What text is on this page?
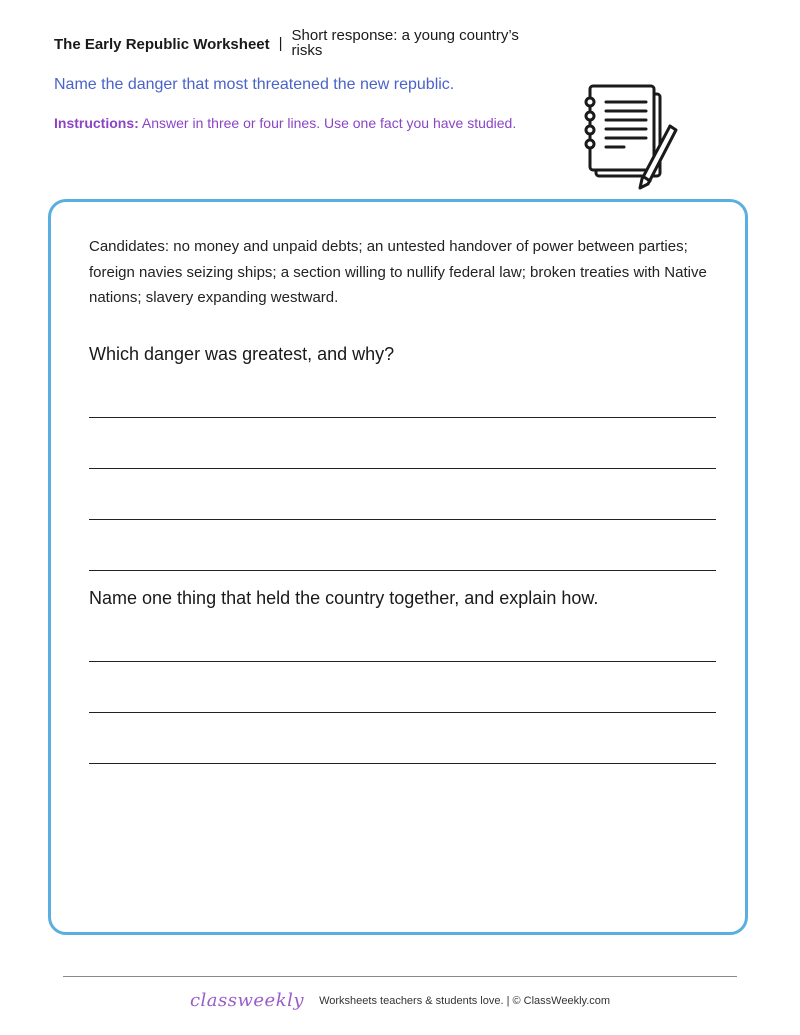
The Early Republic Worksheet | Short response: a young country’s risks
Name the danger that most threatened the new republic.
Instructions: Answer in three or four lines. Use one fact you have studied.
Candidates: no money and unpaid debts; an untested handover of power between parties; foreign navies seizing ships; a section willing to nullify federal law; broken treaties with Native nations; slavery expanding westward.
Which danger was greatest, and why?
Name one thing that held the country together, and explain how.
classweekly Worksheets teachers & students love. | © ClassWeekly.com
